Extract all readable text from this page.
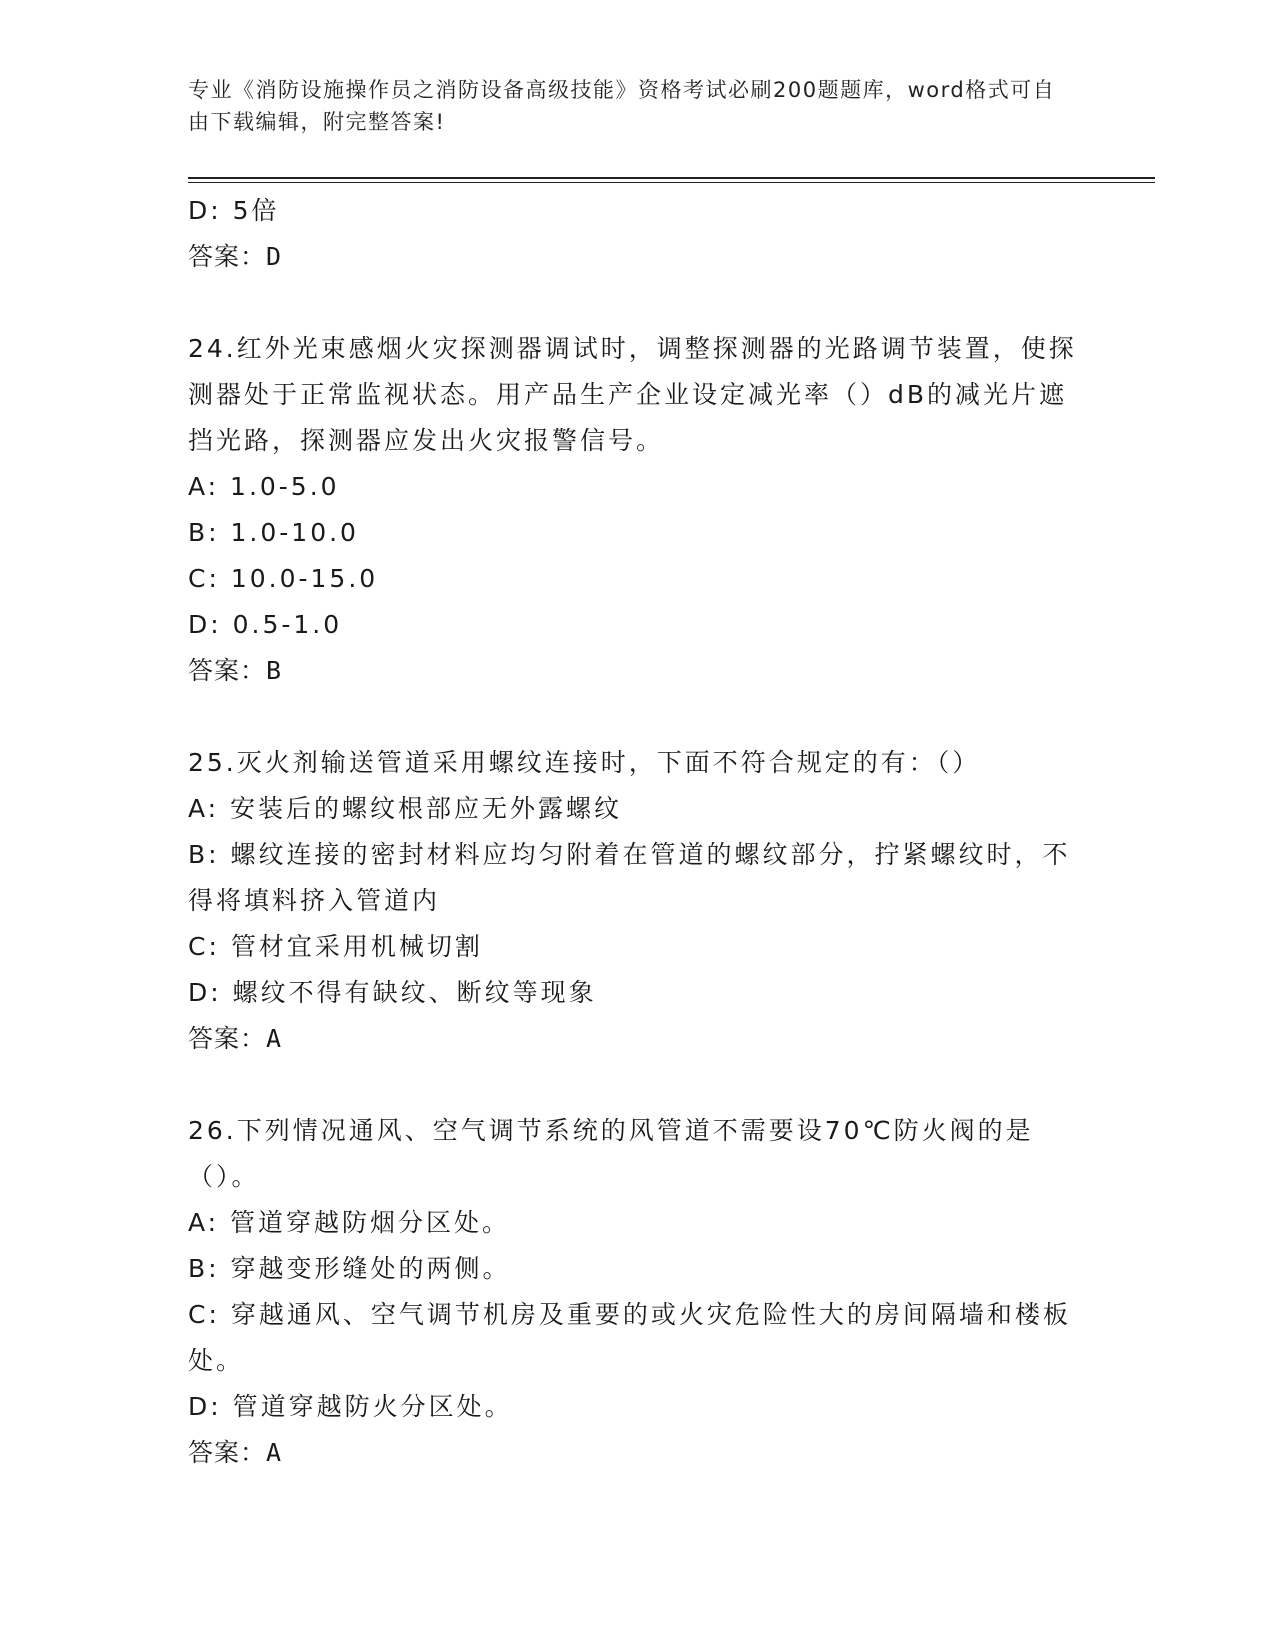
专业《消防设施操作员之消防设备高级技能》资格考试必刷200题题库，word格式可自由下载编辑，附完整答案!

D: 5倍

答案：D

24.红外光束感烟火灾探测器调试时，调整探测器的光路调节装置，使探测器处于正常监视状态。用产品生产企业设定减光率（）dB的减光片遮挡光路，探测器应发出火灾报警信号。

A: 1.0-5.0

B: 1.0-10.0

C: 10.0-15.0

D: 0.5-1.0

答案：B

25.灭火剂输送管道采用螺纹连接时，下面不符合规定的有：（）

A: 安装后的螺纹根部应无外露螺纹

B: 螺纹连接的密封材料应均匀附着在管道的螺纹部分，拧紧螺纹时，不得将填料挤入管道内

C: 管材宜采用机械切割

D: 螺纹不得有缺纹、断纹等现象

答案：A

26.下列情况通风、空气调节系统的风管道不需要设70℃防火阀的是（）。

A: 管道穿越防烟分区处。

B: 穿越变形缝处的两侧。

C: 穿越通风、空气调节机房及重要的或火灾危险性大的房间隔墙和楼板处。

D: 管道穿越防火分区处。

答案：A
